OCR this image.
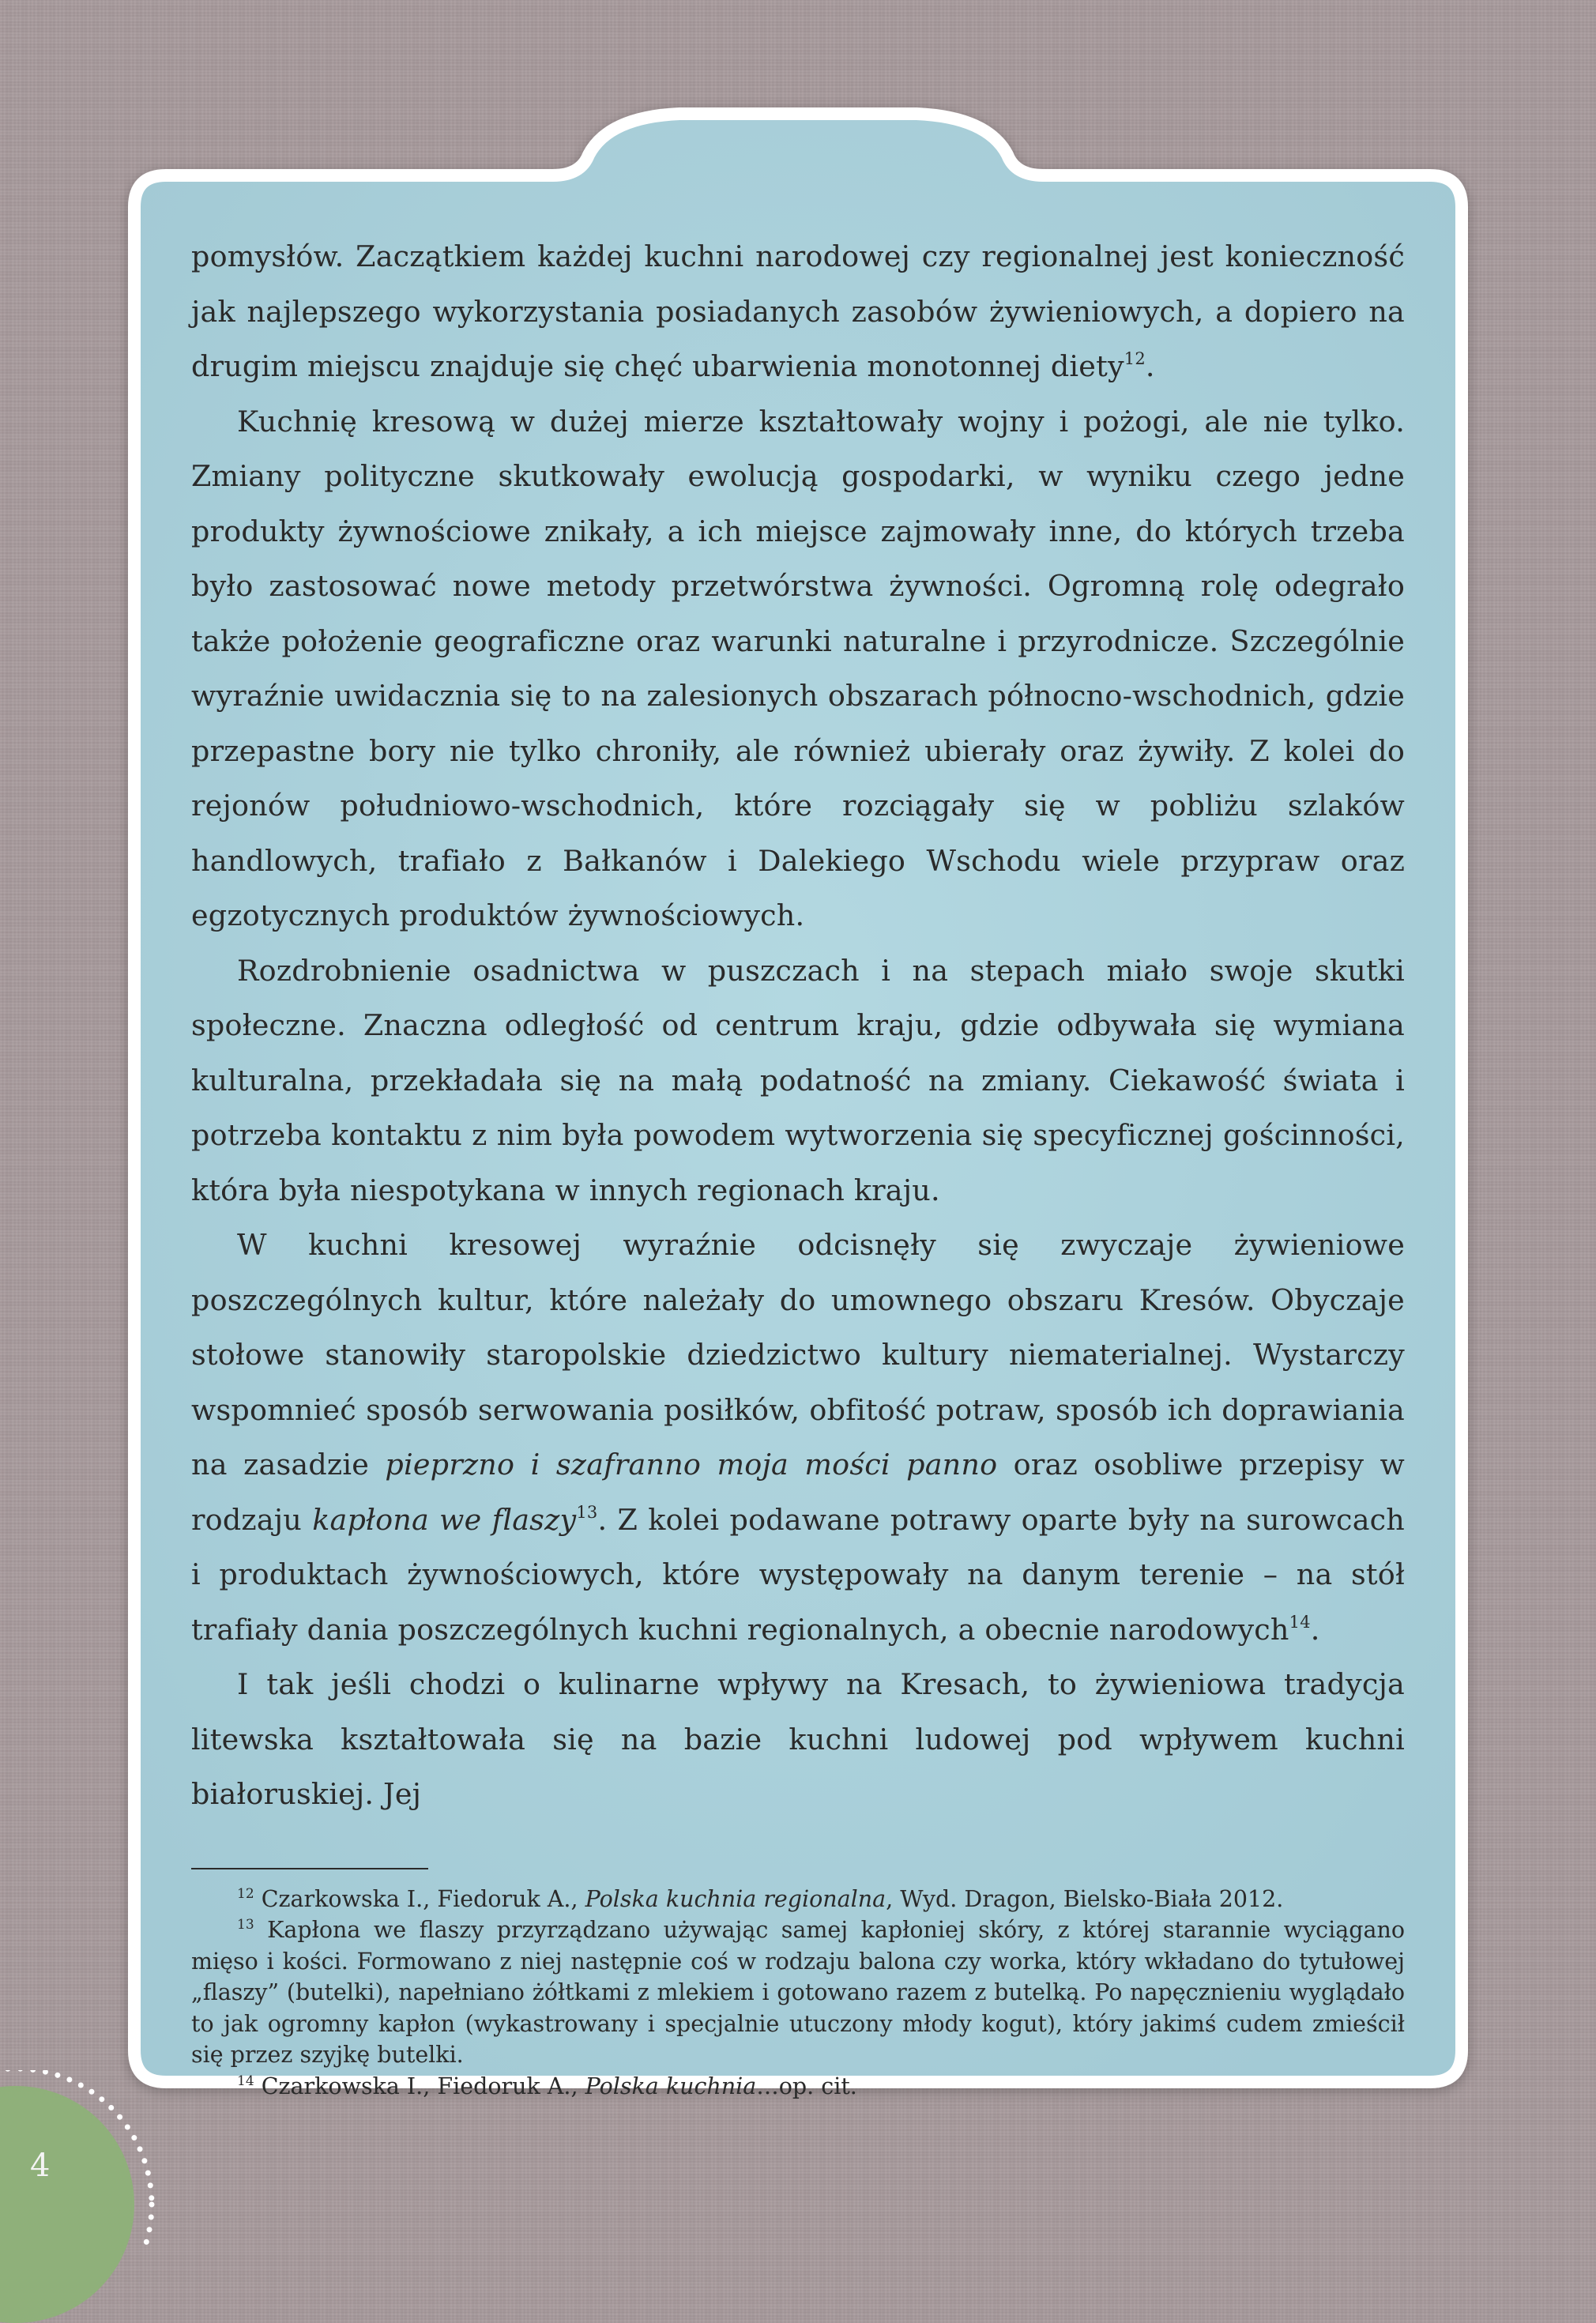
pomysłów. Zaczątkiem każdej kuchni narodowej czy regionalnej jest konieczność jak najlepszego wykorzystania posiadanych zasobów żywieniowych, a dopiero na drugim miejscu znajduje się chęć ubarwienia monotonnej diety$^{12}$.

Kuchnię kresową w dużej mierze kształtowały wojny i pożogi, ale nie tylko. Zmiany polityczne skutkowały ewolucją gospodarki, w wyniku czego jedne produkty żywnościowe znikały, a ich miejsce zajmowały inne, do których trzeba było zastosować nowe metody przetwórstwa żywności. Ogromną rolę odegrało także położenie geograficzne oraz warunki naturalne i przyrodnicze. Szczególnie wyraźnie uwidacznia się to na zalesionych obszarach północno-wschodnich, gdzie przepastne bory nie tylko chroniły, ale również ubierały oraz żywiły. Z kolei do rejonów południowo-wschodnich, które rozciągały się w pobliżu szlaków handlowych, trafiało z Bałkanów i Dalekiego Wschodu wiele przypraw oraz egzotycznych produktów żywnościowych.

Rozdrobnienie osadnictwa w puszczach i na stepach miało swoje skutki społeczne. Znaczna odległość od centrum kraju, gdzie odbywała się wymiana kulturalna, przekładała się na małą podatność na zmiany. Ciekawość świata i potrzeba kontaktu z nim była powodem wytworzenia się specyficznej gościnności, która była niespotykana w innych regionach kraju.

W kuchni kresowej wyraźnie odcisnęły się zwyczaje żywieniowe poszczególnych kultur, które należały do umownego obszaru Kresów. Obyczaje stołowe stanowiły staropolskie dziedzictwo kultury niematerialnej. Wystarczy wspomnieć sposób serwowania posiłków, obfitość potraw, sposób ich doprawiania na zasadzie pieprzno i szafranno moja mości panno oraz osobliwe przepisy w rodzaju kapłona we flaszy$^{13}$. Z kolei podawane potrawy oparte były na surowcach i produktach żywnościowych, które występowały na danym terenie – na stół trafiały dania poszczególnych kuchni regionalnych, a obecnie narodowych$^{14}$.

I tak jeśli chodzi o kulinarne wpływy na Kresach, to żywieniowa tradycja litewska kształtowała się na bazie kuchni ludowej pod wpływem kuchni białoruskiej. Jej

$^{12}$ Czarkowska I., Fiedoruk A., Polska kuchnia regionalna, Wyd. Dragon, Bielsko-Biała 2012.

$^{13}$ Kapłona we flaszy przyrządzano używając samej kapłoniej skóry, z której starannie wyciągano mięso i kości. Formowano z niej następnie coś w rodzaju balona czy worka, który wkładano do tytułowej „flaszy” (butelki), napełniano żółtkami z mlekiem i gotowano razem z butelką. Po napęcznieniu wyglądało to jak ogromny kapłon (wykastrowany i specjalnie utuczony młody kogut), który jakimś cudem zmieścił się przez szyjkę butelki.

$^{14}$ Czarkowska I., Fiedoruk A., Polska kuchnia…op. cit.

4
